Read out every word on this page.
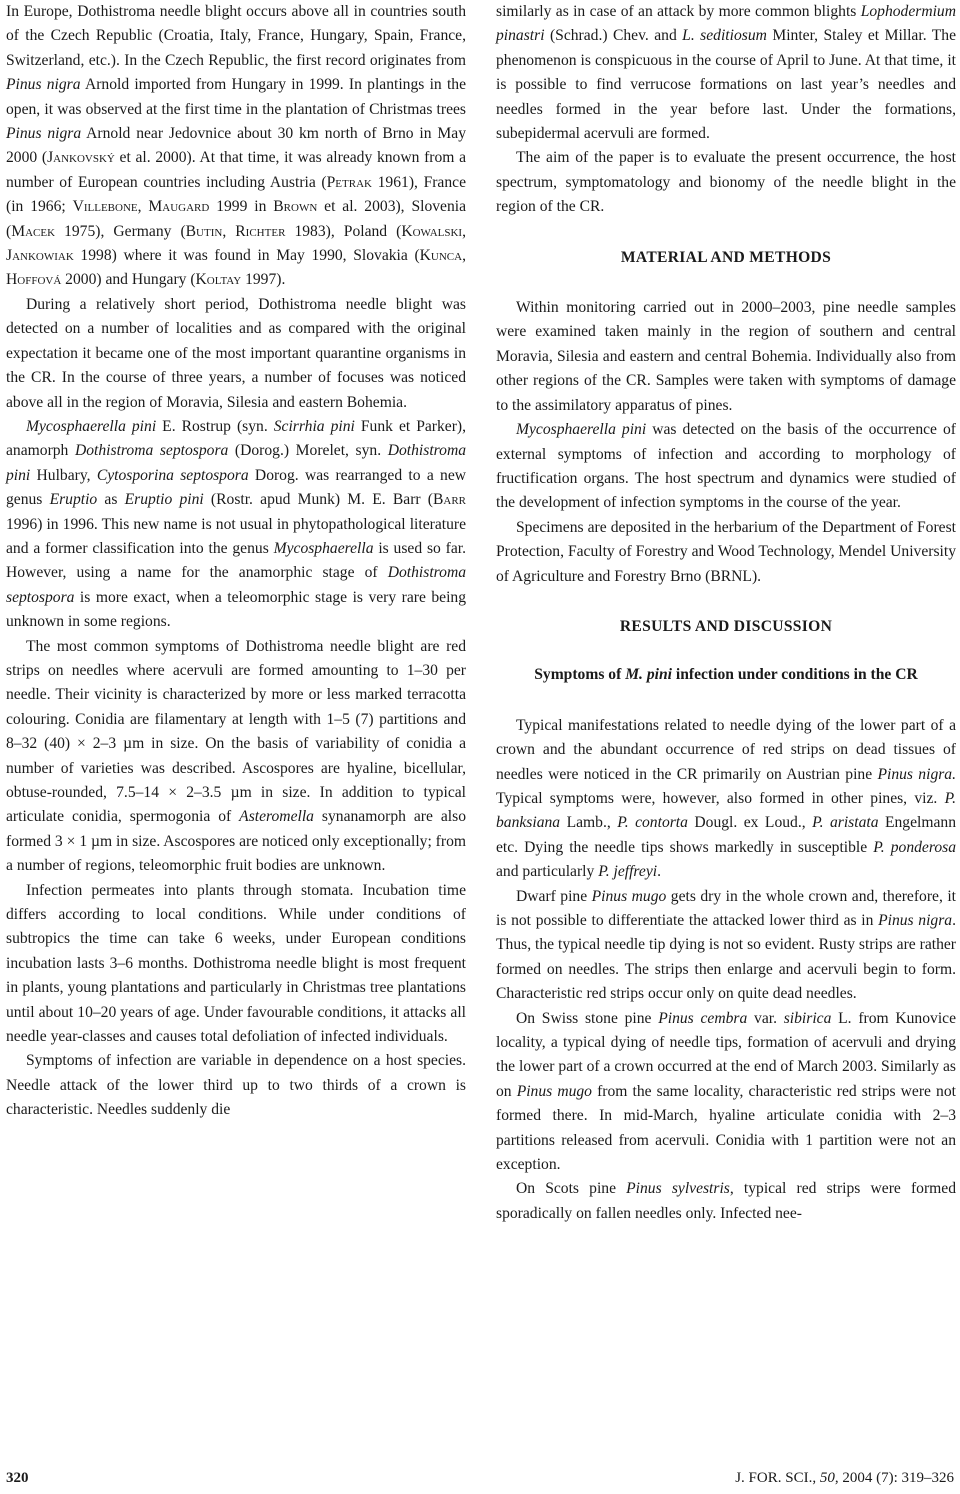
In Europe, Dothistroma needle blight occurs above all in countries south of the Czech Republic (Croatia, Italy, France, Hungary, Spain, France, Switzerland, etc.). In the Czech Republic, the first record originates from Pinus nigra Arnold imported from Hungary in 1999. In plantings in the open, it was observed at the first time in the plantation of Christmas trees Pinus nigra Arnold near Jedovnice about 30 km north of Brno in May 2000 (Jankovský et al. 2000). At that time, it was already known from a number of European countries including Austria (Petrak 1961), France (in 1966; Villebone, Maugard 1999 in Brown et al. 2003), Slovenia (Macek 1975), Germany (Butin, Richter 1983), Poland (Kowalski, Jankowiak 1998) where it was found in May 1990, Slovakia (Kunca, Hoffová 2000) and Hungary (Koltay 1997).

During a relatively short period, Dothistroma needle blight was detected on a number of localities and as compared with the original expectation it became one of the most important quarantine organisms in the CR. In the course of three years, a number of focuses was noticed above all in the region of Moravia, Silesia and eastern Bohemia.

Mycosphaerella pini E. Rostrup (syn. Scirrhia pini Funk et Parker), anamorph Dothistroma septospora (Dorog.) Morelet, syn. Dothistroma pini Hulbary, Cytosporina septospora Dorog. was rearranged to a new genus Eruptio as Eruptio pini (Rostr. apud Munk) M. E. Barr (Barr 1996) in 1996. This new name is not usual in phytopathological literature and a former classification into the genus Mycosphaerella is used so far. However, using a name for the anamorphic stage of Dothistroma septospora is more exact, when a teleomorphic stage is very rare being unknown in some regions.

The most common symptoms of Dothistroma needle blight are red strips on needles where acervuli are formed amounting to 1–30 per needle. Their vicinity is characterized by more or less marked terracotta colouring. Conidia are filamentary at length with 1–5 (7) partitions and 8–32 (40) × 2–3 µm in size. On the basis of variability of conidia a number of varieties was described. Ascospores are hyaline, bicellular, obtuse-rounded, 7.5–14 × 2–3.5 µm in size. In addition to typical articulate conidia, spermogonia of Asteromella synanamorph are also formed 3 × 1 µm in size. Ascospores are noticed only exceptionally; from a number of regions, teleomorphic fruit bodies are unknown.

Infection permeates into plants through stomata. Incubation time differs according to local conditions. While under conditions of subtropics the time can take 6 weeks, under European conditions incubation lasts 3–6 months. Dothistroma needle blight is most frequent in plants, young plantations and particularly in Christmas tree plantations until about 10–20 years of age. Under favourable conditions, it attacks all needle year-classes and causes total defoliation of infected individuals.

Symptoms of infection are variable in dependence on a host species. Needle attack of the lower third up to two thirds of a crown is characteristic. Needles suddenly die

similarly as in case of an attack by more common blights Lophodermium pinastri (Schrad.) Chev. and L. seditiosum Minter, Staley et Millar. The phenomenon is conspicuous in the course of April to June. At that time, it is possible to find verrucose formations on last year’s needles and needles formed in the year before last. Under the formations, subepidermal acervuli are formed.

The aim of the paper is to evaluate the present occurrence, the host spectrum, symptomatology and bionomy of the needle blight in the region of the CR.

MATERIAL AND METHODS

Within monitoring carried out in 2000–2003, pine needle samples were examined taken mainly in the region of southern and central Moravia, Silesia and eastern and central Bohemia. Individually also from other regions of the CR. Samples were taken with symptoms of damage to the assimilatory apparatus of pines.

Mycosphaerella pini was detected on the basis of the occurrence of external symptoms of infection and according to morphology of fructification organs. The host spectrum and dynamics were studied of the development of infection symptoms in the course of the year.

Specimens are deposited in the herbarium of the Department of Forest Protection, Faculty of Forestry and Wood Technology, Mendel University of Agriculture and Forestry Brno (BRNL).

RESULTS AND DISCUSSION
Symptoms of M. pini infection under conditions in the CR

Typical manifestations related to needle dying of the lower part of a crown and the abundant occurrence of red strips on dead tissues of needles were noticed in the CR primarily on Austrian pine Pinus nigra. Typical symptoms were, however, also formed in other pines, viz. P. banksiana Lamb., P. contorta Dougl. ex Loud., P. aristata Engelmann etc. Dying the needle tips shows markedly in susceptible P. ponderosa and particularly P. jeffreyi.

Dwarf pine Pinus mugo gets dry in the whole crown and, therefore, it is not possible to differentiate the attacked lower third as in Pinus nigra. Thus, the typical needle tip dying is not so evident. Rusty strips are rather formed on needles. The strips then enlarge and acervuli begin to form. Characteristic red strips occur only on quite dead needles.

On Swiss stone pine Pinus cembra var. sibirica L. from Kunovice locality, a typical dying of needle tips, formation of acervuli and drying the lower part of a crown occurred at the end of March 2003. Similarly as on Pinus mugo from the same locality, characteristic red strips were not formed there. In mid-March, hyaline articulate conidia with 2–3 partitions released from acervuli. Conidia with 1 partition were not an exception.

On Scots pine Pinus sylvestris, typical red strips were formed sporadically on fallen needles only. Infected nee-

320	J. FOR. SCI., 50, 2004 (7): 319–326
